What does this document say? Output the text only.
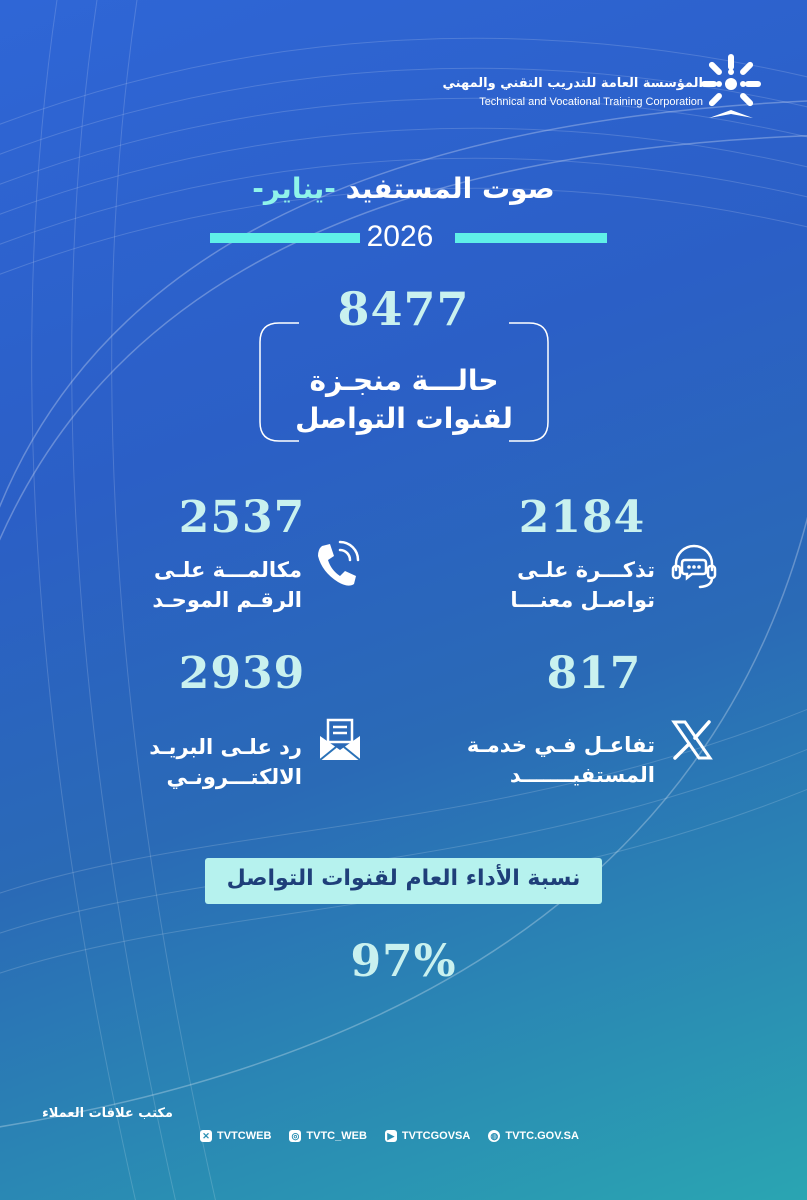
المؤسسة العامة للتدريب التقني والمهني
Technical and Vocational Training Corporation
صوت المستفيد -يناير-
2026
8477
حالـــة منجـزة
لقنوات التواصل
2184
تذكـــرة علـى
تواصـل معنـــا
2537
مكالمـــة علـى
الرقـم الموحـد
817
تفاعـل فـي خدمـة
المستفيـــــــد
2939
رد علـى البريـد
الالكتـــرونـي
نسبة الأداء العام لقنوات التواصل
97%
مكتب علاقات العملاء
✕ TVTCWEB ◎ TVTC_WEB ▶ TVTCGOVSA ◍ TVTC.GOV.SA
